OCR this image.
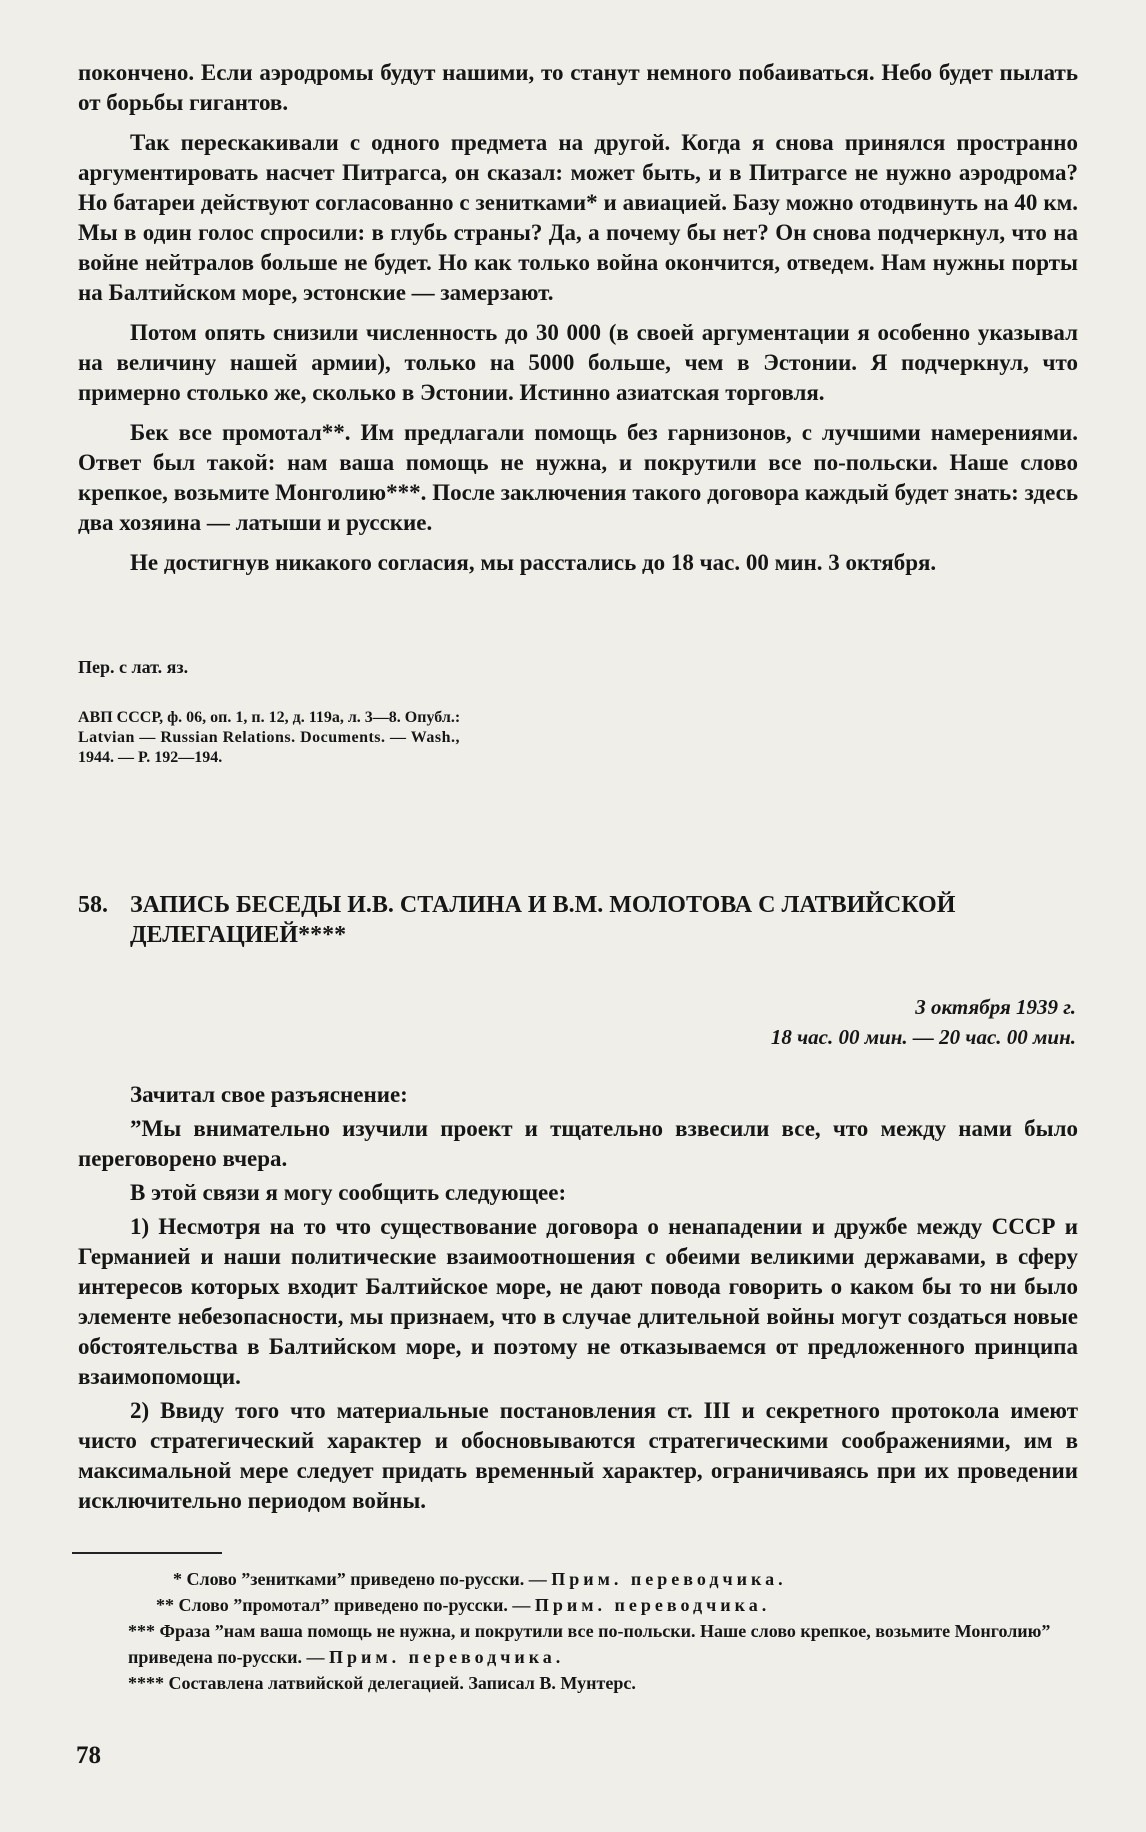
покончено. Если аэродромы будут нашими, то станут немного побаиваться. Небо будет пылать от борьбы гигантов.

Так перескакивали с одного предмета на другой. Когда я снова принялся пространно аргументировать насчет Питрагса, он сказал: может быть, и в Питрагсе не нужно аэродрома? Но батареи действуют согласованно с зенитками* и авиацией. Базу можно отодвинуть на 40 км. Мы в один голос спросили: в глубь страны? Да, а почему бы нет? Он снова подчеркнул, что на войне нейтралов больше не будет. Но как только война окончится, отведем. Нам нужны порты на Балтийском море, эстонские — замерзают.

Потом опять снизили численность до 30 000 (в своей аргументации я особенно указывал на величину нашей армии), только на 5000 больше, чем в Эстонии. Я подчеркнул, что примерно столько же, сколько в Эстонии. Истинно азиатская торговля.

Бек все промотал**. Им предлагали помощь без гарнизонов, с лучшими намерениями. Ответ был такой: нам ваша помощь не нужна, и покрутили все по-польски. Наше слово крепкое, возьмите Монголию***. После заключения такого договора каждый будет знать: здесь два хозяина — латыши и русские.

Не достигнув никакого согласия, мы расстались до 18 час. 00 мин. 3 октября.

Пер. с лат. яз.
АВП СССР, ф. 06, оп. 1, п. 12, д. 119а, л. 3—8. Опубл.:
Latvian — Russian Relations. Documents. — Wash.,
1944. — P. 192—194.
58. ЗАПИСЬ БЕСЕДЫ И.В. СТАЛИНА И В.М. МОЛОТОВА С ЛАТВИЙСКОЙ
ДЕЛЕГАЦИЕЙ****
3 октября 1939 г.
18 час. 00 мин. — 20 час. 00 мин.

Зачитал свое разъяснение:

”Мы внимательно изучили проект и тщательно взвесили все, что между нами было переговорено вчера.

В этой связи я могу сообщить следующее:

1) Несмотря на то что существование договора о ненападении и дружбе между СССР и Германией и наши политические взаимоотношения с обеими великими державами, в сферу интересов которых входит Балтийское море, не дают повода говорить о каком бы то ни было элементе небезопасности, мы признаем, что в случае длительной войны могут создаться новые обстоятельства в Балтийском море, и поэтому не отказываемся от предложенного принципа взаимопомощи.

2) Ввиду того что материальные постановления ст. III и секретного протокола имеют чисто стратегический характер и обосновываются стратегическими соображениями, им в максимальной мере следует придать временный характер, ограничиваясь при их проведении исключительно периодом войны.

* Слово ”зенитками” приведено по-русски. — Прим. переводчика.
** Слово ”промотал” приведено по-русски. — Прим. переводчика.
*** Фраза ”нам ваша помощь не нужна, и покрутили все по-польски. Наше слово крепкое, возьмите Монголию” приведена по-русски. — Прим. переводчика.
**** Составлена латвийской делегацией. Записал В. Мунтерс.
78
